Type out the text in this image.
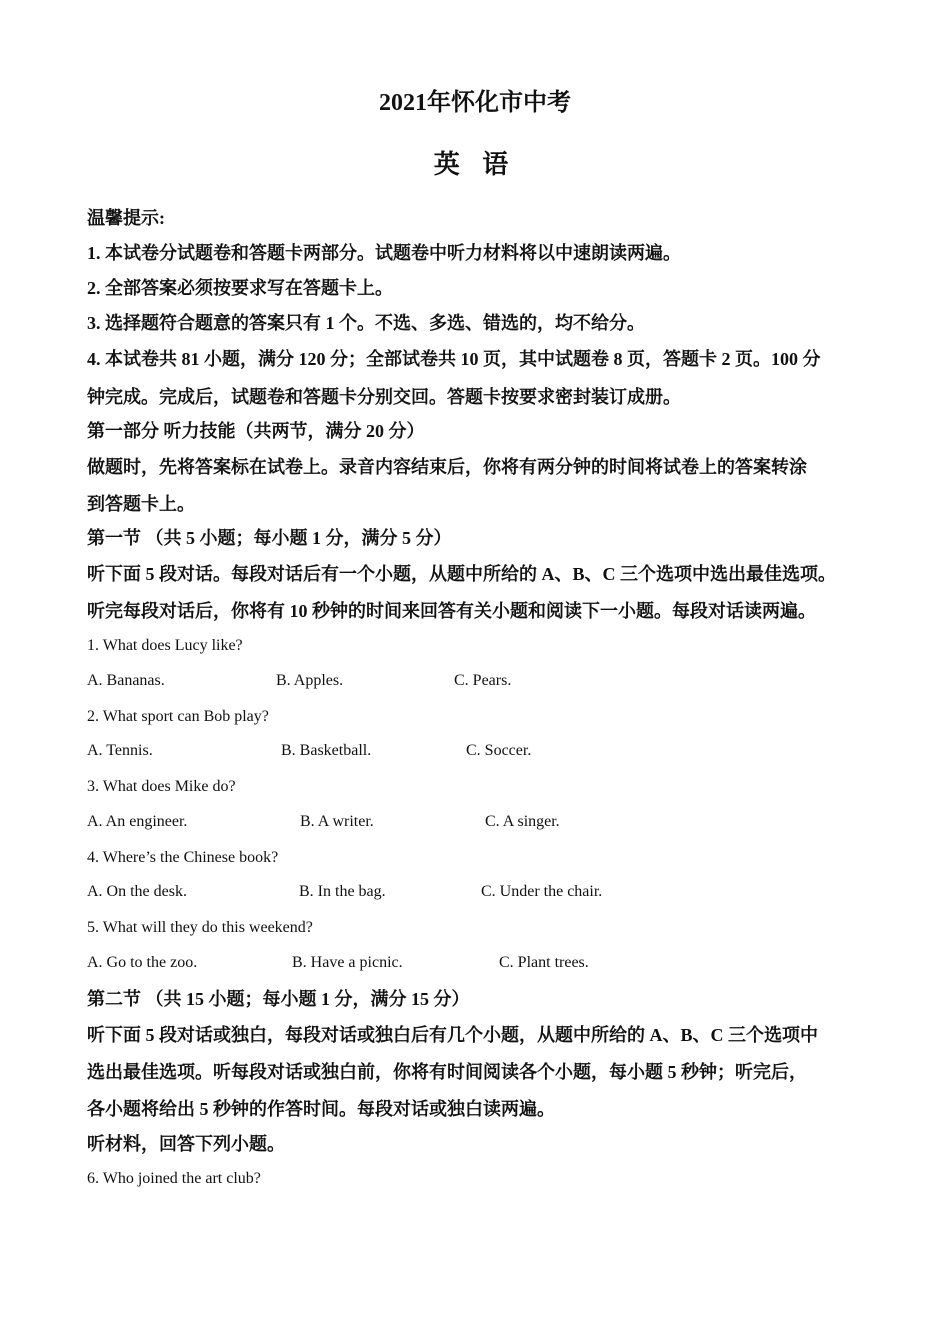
2021年怀化市中考
英 语
温馨提示:
1. 本试卷分试题卷和答题卡两部分。试题卷中听力材料将以中速朗读两遍。
2. 全部答案必须按要求写在答题卡上。
3. 选择题符合题意的答案只有 1 个。不选、多选、错选的，均不给分。
4. 本试卷共 81 小题，满分 120 分；全部试卷共 10 页，其中试题卷 8 页，答题卡 2 页。100 分
钟完成。完成后，试题卷和答题卡分别交回。答题卡按要求密封装订成册。
第一部分 听力技能（共两节，满分 20 分）
做题时，先将答案标在试卷上。录音内容结束后，你将有两分钟的时间将试卷上的答案转涂
到答题卡上。
第一节 （共 5 小题；每小题 1 分，满分 5 分）
听下面 5 段对话。每段对话后有一个小题，从题中所给的 A、B、C 三个选项中选出最佳选项。
听完每段对话后，你将有 10 秒钟的时间来回答有关小题和阅读下一小题。每段对话读两遍。
1. What does Lucy like?
A. Bananas.	B. Apples.	C. Pears.
2. What sport can Bob play?
A. Tennis.	B. Basketball.	C. Soccer.
3. What does Mike do?
A. An engineer.	B. A writer.	C. A singer.
4. Where’s the Chinese book?
A. On the desk.	B. In the bag.	C. Under the chair.
5. What will they do this weekend?
A. Go to the zoo.	B. Have a picnic.	C. Plant trees.
第二节 （共 15 小题；每小题 1 分，满分 15 分）
听下面 5 段对话或独白，每段对话或独白后有几个小题，从题中所给的 A、B、C 三个选项中
选出最佳选项。听每段对话或独白前，你将有时间阅读各个小题，每小题 5 秒钟；听完后，
各小题将给出 5 秒钟的作答时间。每段对话或独白读两遍。
听材料，回答下列小题。
6. Who joined the art club?
